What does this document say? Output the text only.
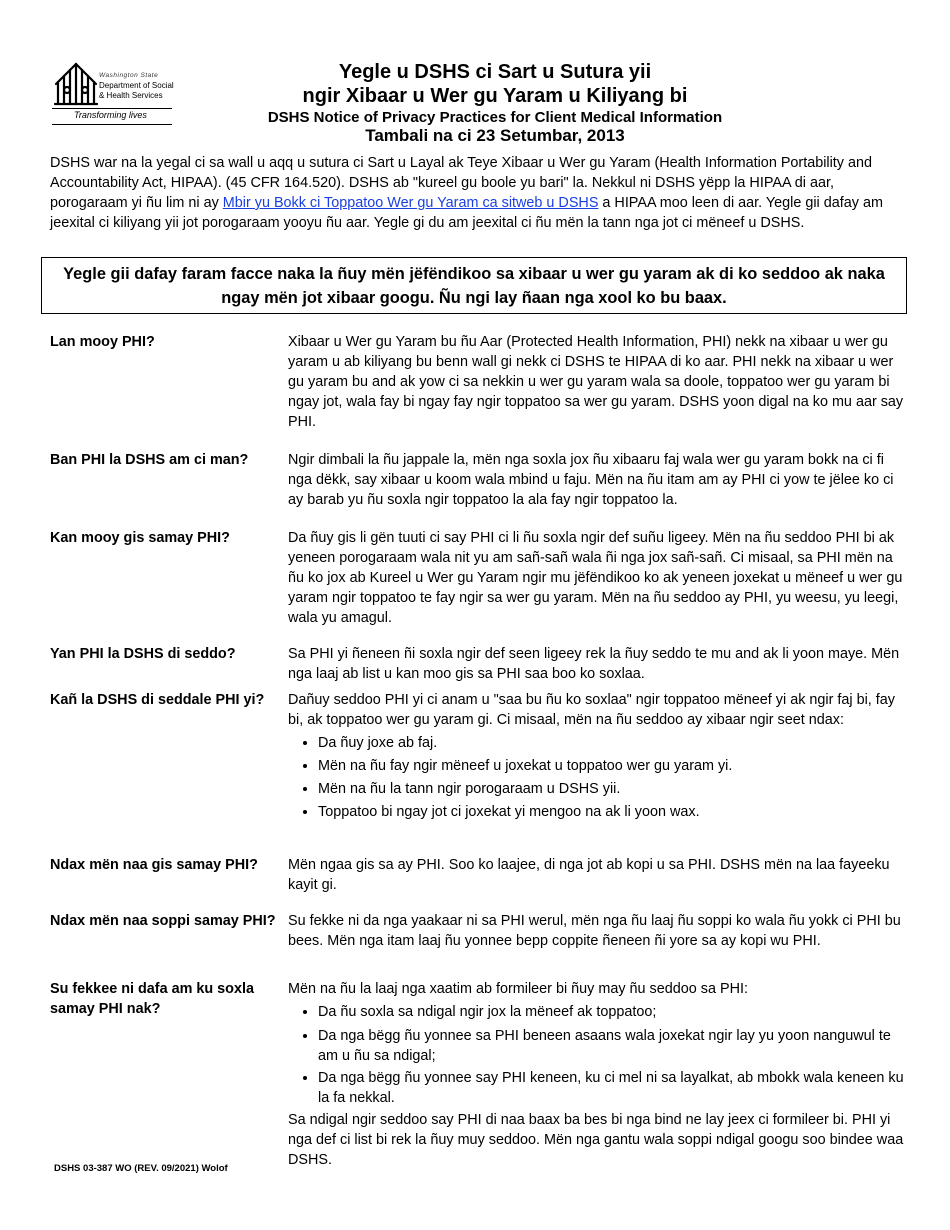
Washington State
Department of Social
& Health Services
Transforming lives
Yegle u DSHS ci Sart u Sutura yii
ngir Xibaar u Wer gu Yaram u Kiliyang bi
DSHS Notice of Privacy Practices for Client Medical Information
Tambali na ci 23 Setumbar, 2013
DSHS war na la yegal ci sa wall u aqq u sutura ci Sart u Layal ak Teye Xibaar u Wer gu Yaram (Health Information Portability and Accountability Act, HIPAA). (45 CFR 164.520). DSHS ab "kureel gu boole yu bari" la. Nekkul ni DSHS yëpp la HIPAA di aar, porogaraam yi ñu lim ni ay Mbir yu Bokk ci Toppatoo Wer gu Yaram ca sitweb u DSHS a HIPAA moo leen di aar. Yegle gii dafay am jeexital ci kiliyang yii jot porogaraam yooyu ñu aar. Yegle gi du am jeexital ci ñu mën la tann nga jot ci mëneef u DSHS.
Yegle gii dafay faram facce naka la ñuy mën jëfëndikoo sa xibaar u wer gu yaram ak di ko seddoo ak naka ngay mën jot xibaar googu. Ñu ngi lay ñaan nga xool ko bu baax.
Lan mooy PHI?	Xibaar u Wer gu Yaram bu ñu Aar (Protected Health Information, PHI) nekk na xibaar u wer gu yaram u ab kiliyang bu benn wall gi nekk ci DSHS te HIPAA di ko aar. PHI nekk na xibaar u wer gu yaram bu and ak yow ci sa nekkin u wer gu yaram wala sa doole, toppatoo wer gu yaram bi ngay jot, wala fay bi ngay fay ngir toppatoo sa wer gu yaram. DSHS yoon digal na ko mu aar say PHI.
Ban PHI la DSHS am ci man?	Ngir dimbali la ñu jappale la, mën nga soxla jox ñu xibaaru faj wala wer gu yaram bokk na ci fi nga dëkk, say xibaar u koom wala mbind u faju. Mën na ñu itam am ay PHI ci yow te jëlee ko ci ay barab yu ñu soxla ngir toppatoo la ala fay ngir toppatoo la.
Kan mooy gis samay PHI?	Da ñuy gis li gën tuuti ci say PHI ci li ñu soxla ngir def suñu ligeey. Mën na ñu seddoo PHI bi ak yeneen porogaraam wala nit yu am sañ-sañ wala ñi nga jox sañ-sañ. Ci misaal, sa PHI mën na ñu ko jox ab Kureel u Wer gu Yaram ngir mu jëfëndikoo ko ak yeneen joxekat u mëneef u wer gu yaram ngir toppatoo te fay ngir sa wer gu yaram. Mën na ñu seddoo ay PHI, yu weesu, yu leegi, wala yu amagul.
Yan PHI la DSHS di seddo?	Sa PHI yi ñeneen ñi soxla ngir def seen ligeey rek la ñuy seddo te mu and ak li yoon maye. Mën nga laaj ab list u kan moo gis sa PHI saa boo ko soxlaa.
Kañ la DSHS di seddale PHI yi?	Dañuy seddoo PHI yi ci anam u "saa bu ñu ko soxlaa" ngir toppatoo mëneef yi ak ngir faj bi, fay bi, ak toppatoo wer gu yaram gi. Ci misaal, mën na ñu seddoo ay xibaar ngir seet ndax:
• Da ñuy joxe ab faj.
• Mën na ñu fay ngir mëneef u joxekat u toppatoo wer gu yaram yi.
• Mën na ñu la tann ngir porogaraam u DSHS yii.
• Toppatoo bi ngay jot ci joxekat yi mengoo na ak li yoon wax.
Ndax mën naa gis samay PHI?	Mën ngaa gis sa ay PHI. Soo ko laajee, di nga jot ab kopi u sa PHI. DSHS mën na laa fayeeku kayit gi.
Ndax mën naa soppi samay PHI? Su fekke ni da nga yaakaar ni sa PHI werul, mën nga ñu laaj ñu soppi ko wala ñu yokk ci PHI bu bees. Mën nga itam laaj ñu yonnee bepp coppite ñeneen ñi yore sa ay kopi wu PHI.
Su fekkee ni dafa am ku soxla samay PHI nak?
Mën na ñu la laaj nga xaatim ab formileer bi ñuy may ñu seddoo sa PHI:
• Da ñu soxla sa ndigal ngir jox la mëneef ak toppatoo;
• Da nga bëgg ñu yonnee sa PHI beneen asaans wala joxekat ngir lay yu yoon nanguwul te am u ñu sa ndigal;
• Da nga bëgg ñu yonnee say PHI keneen, ku ci mel ni sa layalkat, ab mbokk wala keneen ku la fa nekkal.
Sa ndigal ngir seddoo say PHI di naa baax ba bes bi nga bind ne lay jeex ci formileer bi. PHI yi nga def ci list bi rek la ñuy muy seddoo. Mën nga gantu wala soppi ndigal googu soo bindee waa DSHS.
DSHS 03-387 WO (REV. 09/2021) Wolof
